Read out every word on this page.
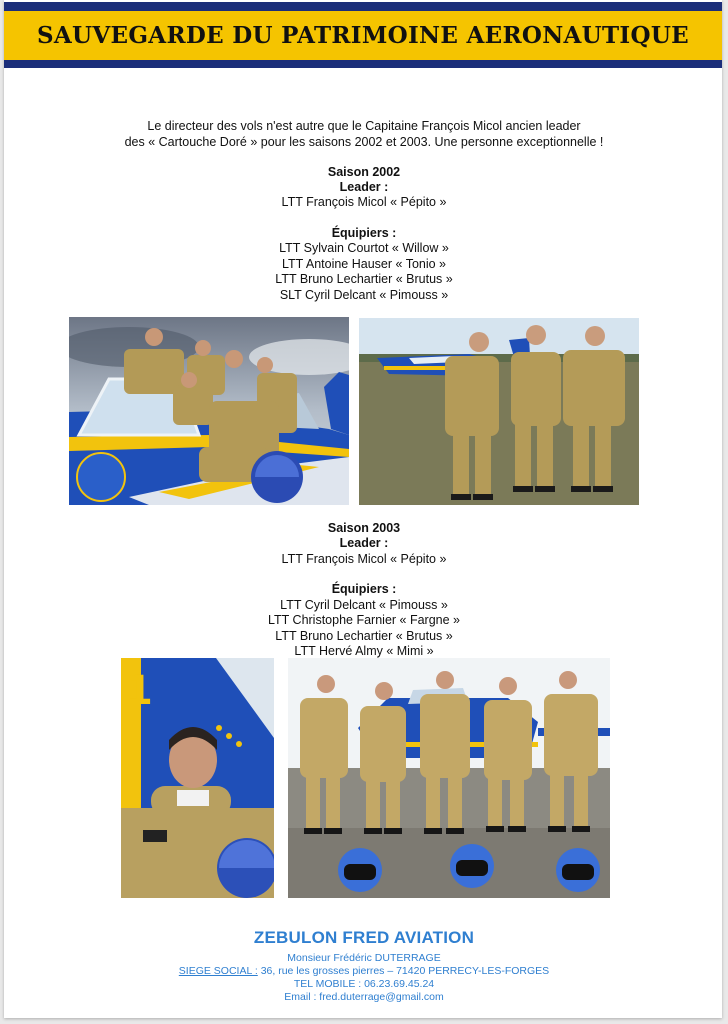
SAUVEGARDE DU PATRIMOINE AERONAUTIQUE
Le directeur des vols n'est autre que le Capitaine François Micol ancien leader
des « Cartouche Doré » pour les saisons 2002 et 2003. Une personne exceptionnelle !
Saison 2002
Leader :
LTT François Micol « Pépito »
Équipiers :
LTT Sylvain Courtot « Willow »
LTT Antoine Hauser « Tonio »
LTT Bruno Lechartier « Brutus »
SLT Cyril Delcant « Pimouss »
Saison 2003
Leader :
LTT François Micol « Pépito »
Équipiers :
LTT Cyril Delcant « Pimouss »
LTT Christophe Farnier « Fargne »
LTT Bruno Lechartier « Brutus »
LTT Hervé Almy « Mimi »
1
ZEBULON FRED AVIATION
Monsieur Frédéric DUTERRAGE
SIEGE SOCIAL : 36, rue les grosses pierres – 71420 PERRECY-LES-FORGES
TEL MOBILE : 06.23.69.45.24
Email : fred.duterrage@gmail.com
